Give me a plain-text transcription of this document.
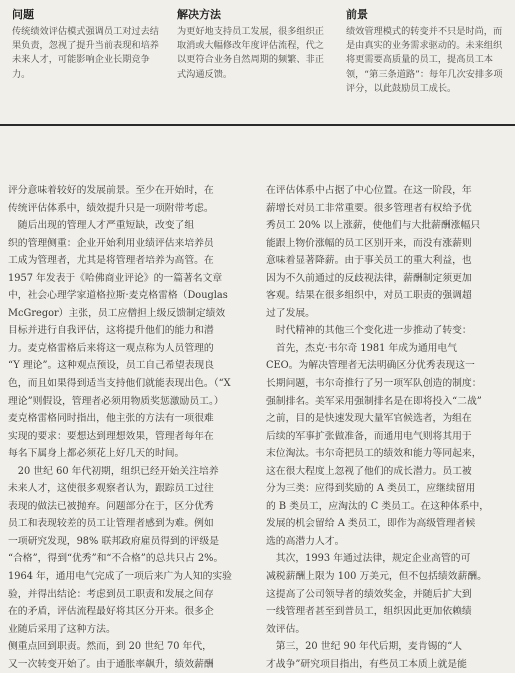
问题
传统绩效评估模式强调员工对过去结果负责，忽视了提升当前表现和培养未来人才，可能影响企业长期竞争力。
解决方法
为更好地支持员工发展，很多组织正取消或大幅修改年度评估流程，代之以更符合业务自然周期的频繁、非正式沟通反馈。
前景
绩效管理模式的转变并不只是时尚，而是由真实的业务需求驱动的。未来组织将更需要高质量的员工，提高员工本领，“第三条道路”：每年几次安排多项评分，以此鼓励员工成长。
评分意味着较好的发展前景。至少在开始时，在
传统评估体系中，绩效提升只是一项附带考虑。
　随后出现的管理人才严重短缺，改变了组
织的管理侧重：企业开始利用业绩评估来培养员
工成为管理者，尤其是将管理者培养为高管。在
1957 年发表于《哈佛商业评论》的一篇著名文章
中，社会心理学家道格拉斯·麦克格雷格（Douglas
McGregor）主张，员工应僧担上级反馈制定绩效
目标并进行自我评估，这将提升他们的能力和潜
力。麦克格雷格后来将这一观点称为人员管理的
“Y 理论”。这种观点预设，员工自己希望表现良
色，而且如果得到适当支持他们就能表现出色。（“X
理论”则假设，管理者必须用物质奖惩激励员工。）
麦克格雷格同时指出，他主张的方法有一项很难
实现的要求：要想达到理想效果，管理者每年在
每名下属身上都必须花上好几天的时间。
　20 世纪 60 年代初期，组织已经开始关注培养
未来人才，这使很多观察者认为，跟踪员工过往
表现的做法已被抛弃。问题部分在于，区分优秀
员工和表现较差的员工让管理者感到为难。例如
一项研究发现，98% 联邦政府雇员得到的评级是
“合格”，得到“优秀”和“不合格”的总共只占 2%。
1964 年，通用电气完成了一项后来广为人知的实验
验，并得出结论：考虑到员工职责和发展之间存
在的矛盾，评估流程最好将其区分开来。很多企
业随后采用了这种方法。
侧重点回到职责。然而，到 20 世纪 70 年代，
又一次转变开始了。由于通胀率飙升，绩效薪酬
在评估体系中占据了中心位置。在这一阶段，年
薪增长对员工非常重要。很多管理者有权给予优
秀员工 20% 以上涨薪，使他们与大批薪酬涨幅只
能跟上物价涨幅的员工区别开来，而没有涨薪则
意味着显著降薪。由于事关员工的重大利益，也
因为不久前通过的反歧视法律，薪酬制定须更加
客观。结果在很多组织中，对员工职责的强调超
过了发展。
　时代精神的其他三个变化进一步推动了转变：
　首先，杰克·韦尔奇 1981 年成为通用电气
CEO。为解决管理者无法明确区分优秀表现这一
长期问题，韦尔奇推行了另一项军队创造的制度：
强制排名。美军采用强制排名是在即将投入“二战”
之前，目的是快速发现大量军官候选者，为组在
后续的军事扩张做准备，而通用电气则将其用于
末位淘汰。韦尔奇把员工的绩效和能力等同起来，
这在很大程度上忽视了他们的成长潜力。员工被
分为三类：应得到奖励的 A 类员工，应继续留用
的 B 类员工，应淘汰的 C 类员工。在这种体系中，
发展的机会留给 A 类员工，即作为高级管理者候
选的高潜力人才。
　其次，1993 年通过法律，规定企业高管的可
减税薪酬上限为 100 万美元，但不包括绩效薪酬。
这提高了公司领导者的绩效奖金，并随后扩大到
一线管理者甚至到普员工，组织因此更加依赖绩
效评估。
　第三，20 世纪 90 年代后期，麦肯锡的“人
才战争”研究项目指出，有些员工本质上就是能
